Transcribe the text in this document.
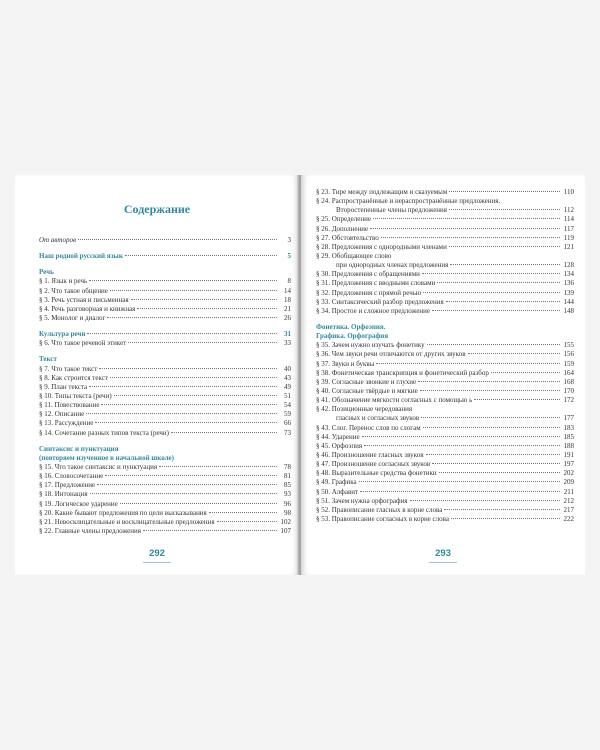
Содержание
От авторов	3
Наш родной русский язык	5
Речь
§ 1. Язык и речь	8
§ 2. Что такое общение	14
§ 3. Речь устная и письменная	18
§ 4. Речь разговорная и книжная	21
§ 5. Монолог и диалог	26
Культура речи	31
§ 6. Что такое речевой этикет	33
Текст
§ 7. Что такое текст	40
§ 8. Как строится текст	43
§ 9. План текста	49
§ 10. Типы текста (речи)	51
§ 11. Повествование	54
§ 12. Описание	59
§ 13. Рассуждение	66
§ 14. Сочетание разных типов текста (речи)	73
Синтаксис и пунктуация
(повторяем изученное в начальной школе)
§ 15. Что такое синтаксис и пунктуация	78
§ 16. Словосочетание	81
§ 17. Предложение	85
§ 18. Интонация	93
§ 19. Логическое ударение	96
§ 20. Какие бывают предложения по цели высказывания	98
§ 21. Невосклицательные и восклицательные предложения	102
§ 22. Главные члены предложения	107
292
§ 23. Тире между подлежащим и сказуемым	110
§ 24. Распространённые и нераспространённые предложения.
Второстепенные члены предложения	112
§ 25. Определение	114
§ 26. Дополнение	117
§ 27. Обстоятельство	119
§ 28. Предложения с однородными членами	121
§ 29. Обобщающее слово
при однородных членах предложения	128
§ 30. Предложения с обращениями	134
§ 31. Предложения с вводными словами	136
§ 32. Предложения с прямой речью	139
§ 33. Синтаксический разбор предложения	144
§ 34. Простое и сложное предложение	148
Фонетика. Орфоэпия.
Графика. Орфография
§ 35. Зачем нужно изучать фонетику	155
§ 36. Чем звуки речи отличаются от других звуков	156
§ 37. Звуки и буквы	159
§ 38. Фонетическая транскрипция и фонетический разбор	164
§ 39. Согласные звонкие и глухие	168
§ 40. Согласные твёрдые и мягкие	170
§ 41. Обозначение мягкости согласных с помощью ь	172
§ 42. Позиционные чередования
гласных и согласных звуков	177
§ 43. Слог. Перенос слов по слогам	183
§ 44. Ударение	185
§ 45. Орфоэпия	188
§ 46. Произношение гласных звуков	191
§ 47. Произношение согласных звуков	197
§ 48. Выразительные средства фонетики	202
§ 49. Графика	209
§ 50. Алфавит	211
§ 51. Зачем нужна орфография	212
§ 52. Правописание гласных в корне слова	217
§ 53. Правописание согласных в корне слова	222
293
